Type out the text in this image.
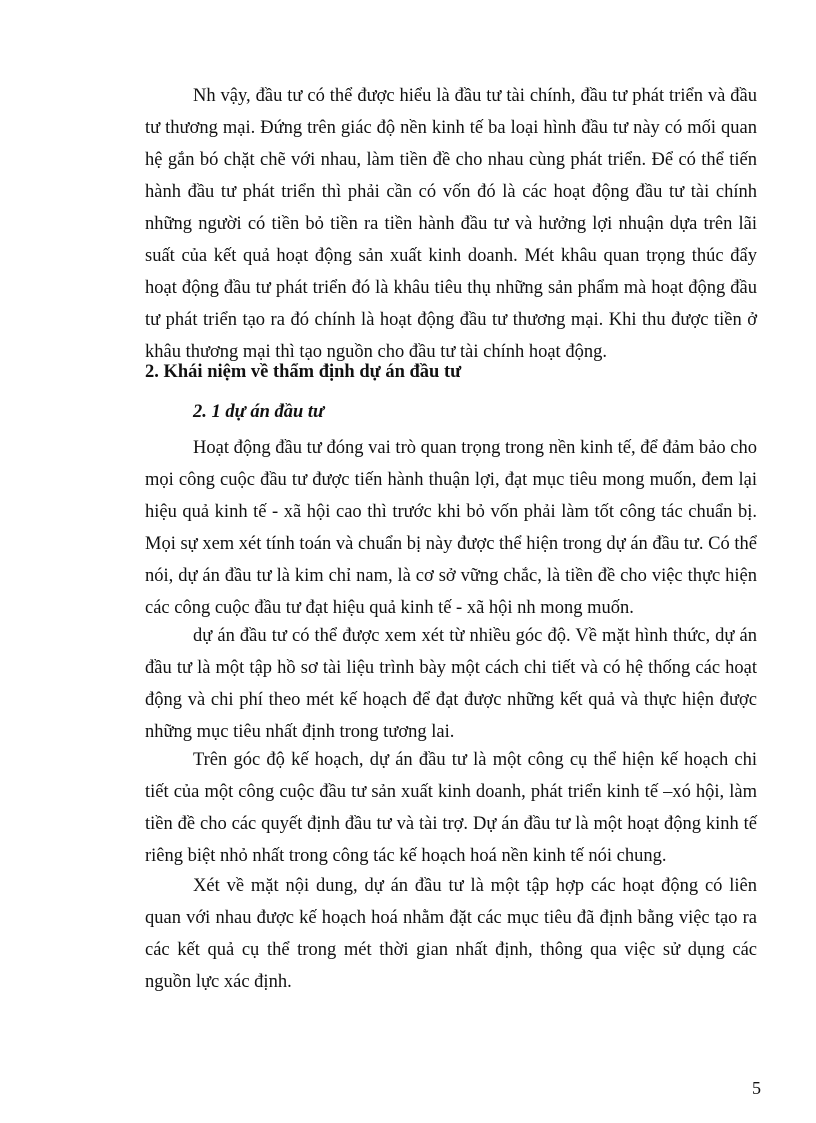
Nh vậy, đầu tư có thể được hiểu là đầu tư tài chính, đầu tư phát triển và đầu tư thương mại. Đứng trên giác độ nền kinh tế ba loại hình đầu tư này có mối quan hệ gắn bó chặt chẽ với nhau, làm tiền đề cho nhau cùng phát triển. Để có thể tiến hành đầu tư phát triển thì phải cần có vốn đó là các hoạt động đầu tư tài chính những người có tiền bỏ tiền ra tiền hành đầu tư và hưởng lợi nhuận dựa trên lãi suất của kết quả hoạt động sản xuất kinh doanh. Mét khâu quan trọng thúc đẩy hoạt động đầu tư phát triển đó là khâu tiêu thụ những sản phẩm mà hoạt động đầu tư phát triển tạo ra đó chính là hoạt động đầu tư thương mại. Khi thu được tiền ở khâu thương mại thì tạo nguồn cho đầu tư tài chính hoạt động.

2. Khái niệm về thẩm định dự án đầu tư
2. 1 dự án đầu tư

Hoạt động đầu tư đóng vai trò quan trọng trong nền kinh tế, để đảm bảo cho mọi công cuộc đầu tư được tiến hành thuận lợi, đạt mục tiêu mong muốn, đem lại hiệu quả kinh tế - xã hội cao thì trước khi bỏ vốn phải làm tốt công tác chuẩn bị. Mọi sự xem xét tính toán và chuẩn bị này được thể hiện trong dự án đầu tư. Có thể nói, dự án đầu tư là kim chỉ nam, là cơ sở vững chắc, là tiền đề cho việc thực hiện các công cuộc đầu tư đạt hiệu quả kinh tế - xã hội nh mong muốn.

dự án đầu tư có thể được xem xét từ nhiều góc độ. Về mặt hình thức, dự án đầu tư là một tập hồ sơ tài liệu trình bày một cách chi tiết và có hệ thống các hoạt động và chi phí theo mét kế hoạch để đạt được những kết quả và thực hiện được những mục tiêu nhất định trong tương lai.

Trên góc độ kế hoạch, dự án đầu tư là một công cụ thể hiện kế hoạch chi tiết của một công cuộc đầu tư sản xuất kinh doanh, phát triển kinh tế –xó hội, làm tiền đề cho các quyết định đầu tư và tài trợ. Dự án đầu tư là một hoạt động kinh tế riêng biệt nhỏ nhất trong công tác kế hoạch hoá nền kinh tế nói chung.

Xét về mặt nội dung, dự án đầu tư là một tập hợp các hoạt động có liên quan với nhau được kế hoạch hoá nhằm đặt các mục tiêu đã định bằng việc tạo ra các kết quả cụ thể trong mét thời gian nhất định, thông qua việc sử dụng các nguồn lực xác định.

5
